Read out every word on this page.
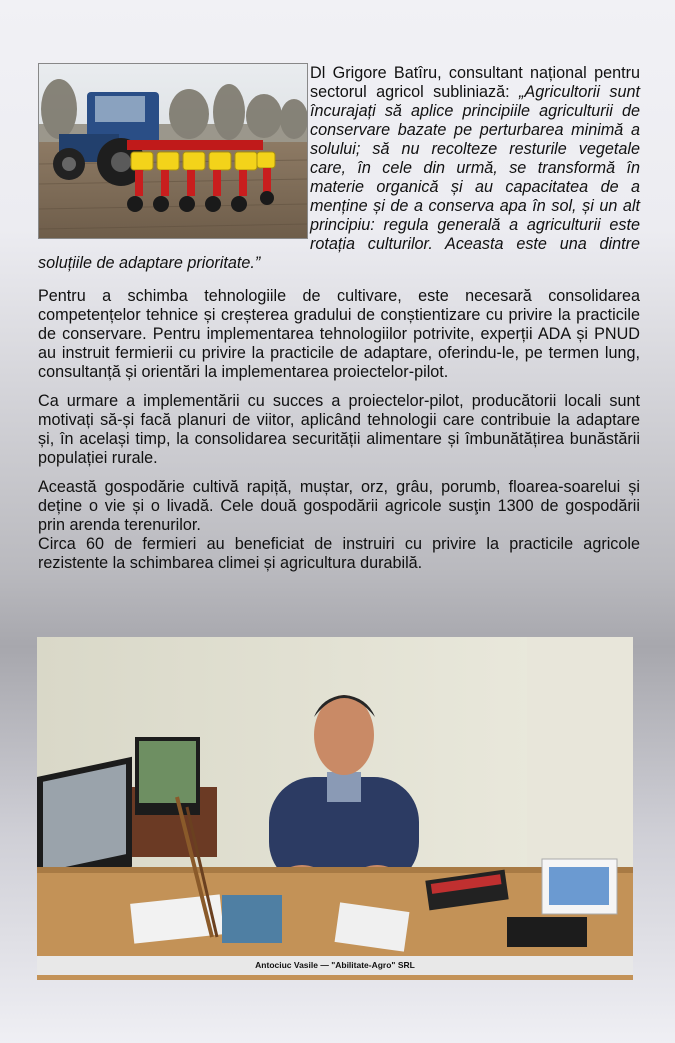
Dl Grigore Batîru, consultant național pentru sectorul agricol subliniază: „Agricultorii sunt încurajați să aplice principiile agriculturii de conservare bazate pe perturbarea minimă a solului; să nu recolteze resturile vegetale care, în cele din urmă, se transformă în materie organică și au capacitatea de a menține și de a conserva apa în sol, și un alt principiu: regula generală a agriculturii este rotația culturilor. Aceasta este una dintre soluțiile de adaptare prioritate.”

Pentru a schimba tehnologiile de cultivare, este necesară consolidarea competențelor tehnice și creșterea gradului de conștientizare cu privire la practicile de conservare. Pentru implementarea tehnologiilor potrivite, experții ADA și PNUD au instruit fermierii cu privire la practicile de adaptare, oferindu-le, pe termen lung, consultanță și orientări la implementarea proiectelor-pilot.

Ca urmare a implementării cu succes a proiectelor-pilot, producătorii locali sunt motivați să-și facă planuri de viitor, aplicând tehnologii care contribuie la adaptare și, în același timp, la consolidarea securității alimentare și îmbunătățirea bunăstării populației rurale.

Această gospodărie cultivă rapiță, muștar, orz, grâu, porumb, floarea-soarelui și deține o vie și o livadă. Cele două gospodării agricole susţin 1300 de gospodării prin arenda terenurilor.

Circa 60 de fermieri au beneficiat de instruiri cu privire la practicile agricole rezistente la schimbarea climei și agricultura durabilă.

Antociuc Vasile — "Abilitate-Agro" SRL
